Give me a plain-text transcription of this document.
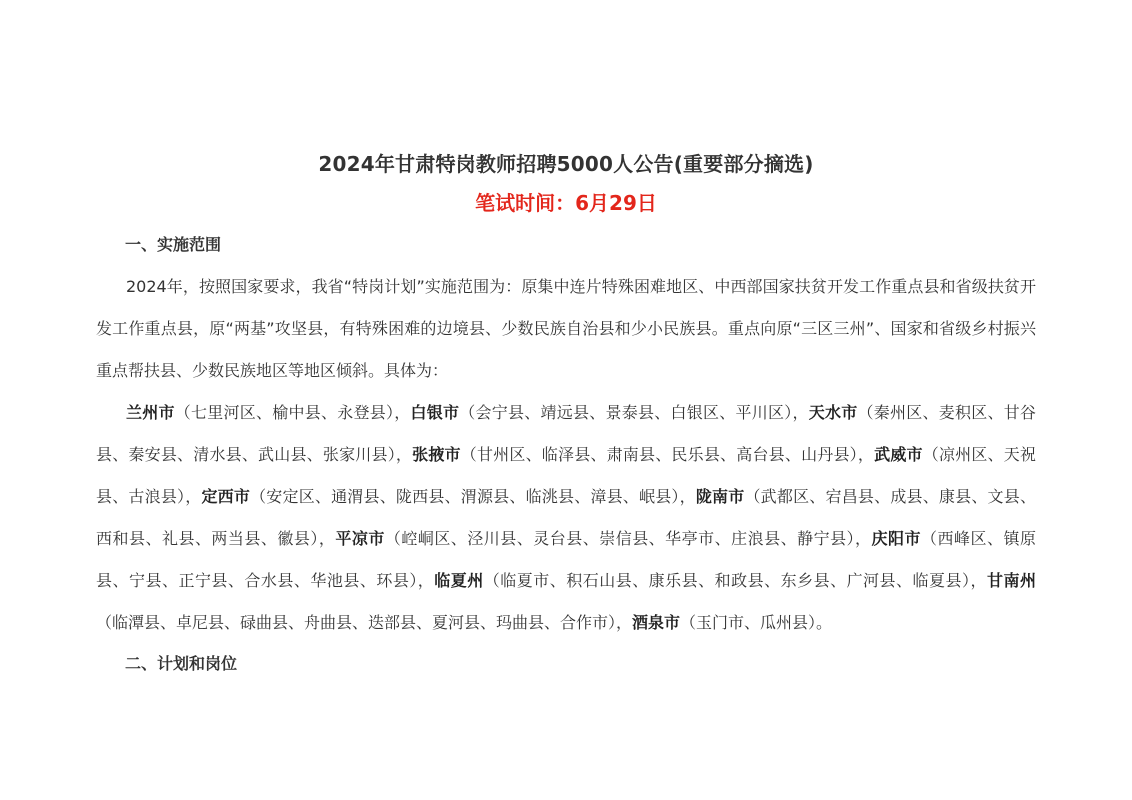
2024年甘肃特岗教师招聘5000人公告(重要部分摘选)
笔试时间：6月29日
一、实施范围
2024年，按照国家要求，我省“特岗计划”实施范围为：原集中连片特殊困难地区、中西部国家扶贫开发工作重点县和省级扶贫开发工作重点县，原“两基”攻坚县，有特殊困难的边境县、少数民族自治县和少小民族县。重点向原“三区三州”、国家和省级乡村振兴重点帮扶县、少数民族地区等地区倾斜。具体为：
兰州市（七里河区、榆中县、永登县），白银市（会宁县、靖远县、景泰县、白银区、平川区），天水市（秦州区、麦积区、甘谷县、秦安县、清水县、武山县、张家川县），张掖市（甘州区、临泽县、肃南县、民乐县、高台县、山丹县），武威市（凉州区、天祝县、古浪县），定西市（安定区、通渭县、陇西县、渭源县、临洮县、漳县、岷县），陇南市（武都区、宕昌县、成县、康县、文县、西和县、礼县、两当县、徽县），平凉市（崆峒区、泾川县、灵台县、崇信县、华亭市、庄浪县、静宁县），庆阳市（西峰区、镇原县、宁县、正宁县、合水县、华池县、环县），临夏州（临夏市、积石山县、康乐县、和政县、东乡县、广河县、临夏县），甘南州（临潭县、卓尼县、碌曲县、舟曲县、迭部县、夏河县、玛曲县、合作市），酒泉市（玉门市、瓜州县）。
二、计划和岗位
